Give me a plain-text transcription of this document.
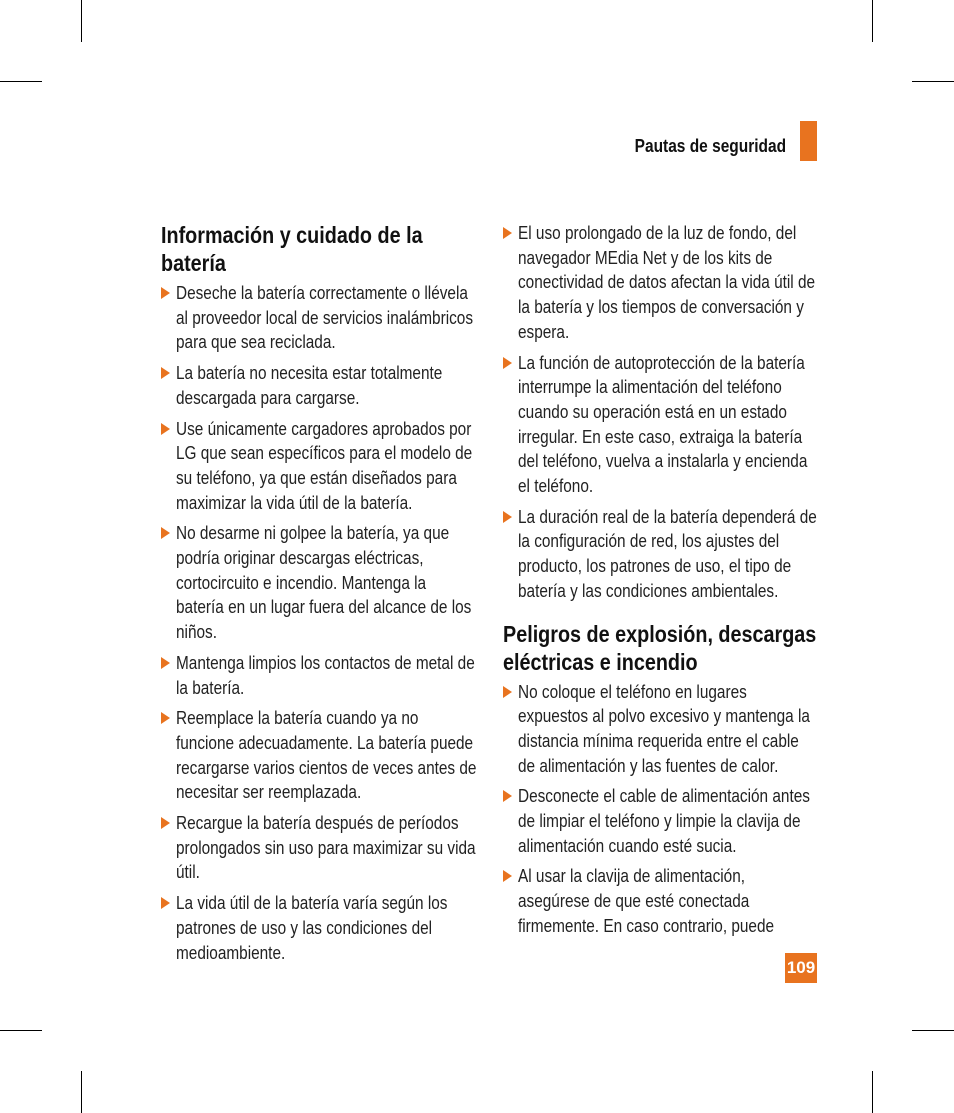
Pautas de seguridad
Información y cuidado de la batería
Deseche la batería correctamente o llévela al proveedor local de servicios inalámbricos para que sea reciclada.
La batería no necesita estar totalmente descargada para cargarse.
Use únicamente cargadores aprobados por LG que sean específicos para el modelo de su teléfono, ya que están diseñados para maximizar la vida útil de la batería.
No desarme ni golpee la batería, ya que podría originar descargas eléctricas, cortocircuito e incendio. Mantenga la batería en un lugar fuera del alcance de los niños.
Mantenga limpios los contactos de metal de la batería.
Reemplace la batería cuando ya no funcione adecuadamente. La batería puede recargarse varios cientos de veces antes de necesitar ser reemplazada.
Recargue la batería después de períodos prolongados sin uso para maximizar su vida útil.
La vida útil de la batería varía según los patrones de uso y las condiciones del medioambiente.
El uso prolongado de la luz de fondo, del navegador MEdia Net y de los kits de conectividad de datos afectan la vida útil de la batería y los tiempos de conversación y espera.
La función de autoprotección de la batería interrumpe la alimentación del teléfono cuando su operación está en un estado irregular. En este caso, extraiga la batería del teléfono, vuelva a instalarla y encienda el teléfono.
La duración real de la batería dependerá de la configuración de red, los ajustes del producto, los patrones de uso, el tipo de batería y las condiciones ambientales.
Peligros de explosión, descargas eléctricas e incendio
No coloque el teléfono en lugares expuestos al polvo excesivo y mantenga la distancia mínima requerida entre el cable de alimentación y las fuentes de calor.
Desconecte el cable de alimentación antes de limpiar el teléfono y limpie la clavija de alimentación cuando esté sucia.
Al usar la clavija de alimentación, asegúrese de que esté conectada firmemente. En caso contrario, puede
109
